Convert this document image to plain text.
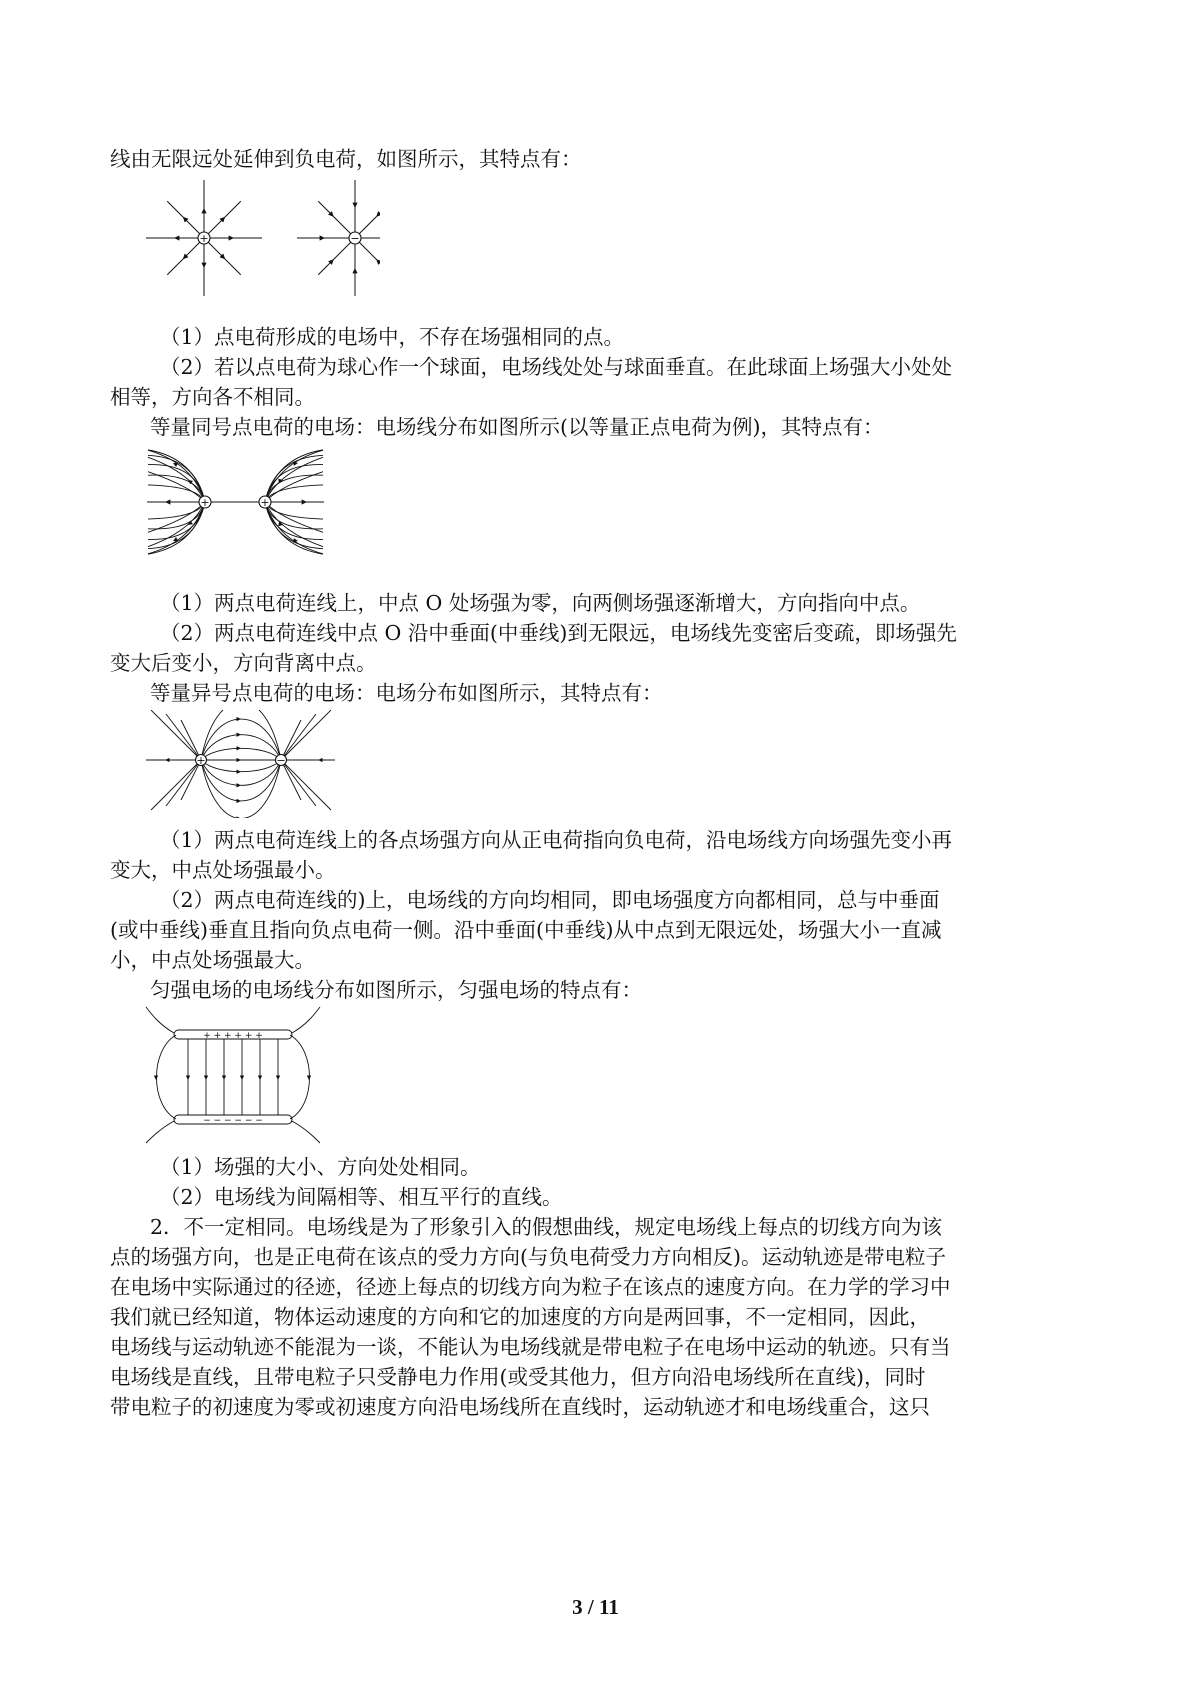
线由无限远处延伸到负电荷，如图所示，其特点有：

+	−

（1）点电荷形成的电场中，不存在场强相同的点。

（2）若以点电荷为球心作一个球面，电场线处处与球面垂直。在此球面上场强大小处处

相等，方向各不相同。

等量同号点电荷的电场：电场线分布如图所示(以等量正点电荷为例)，其特点有：

+	+

（1）两点电荷连线上，中点 O 处场强为零，向两侧场强逐渐增大，方向指向中点。

（2）两点电荷连线中点 O 沿中垂面(中垂线)到无限远，电场线先变密后变疏，即场强先

变大后变小，方向背离中点。

等量异号点电荷的电场：电场分布如图所示，其特点有：

+	−

（1）两点电荷连线上的各点场强方向从正电荷指向负电荷，沿电场线方向场强先变小再

变大，中点处场强最小。

（2）两点电荷连线的)上，电场线的方向均相同，即电场强度方向都相同，总与中垂面

(或中垂线)垂直且指向负点电荷一侧。沿中垂面(中垂线)从中点到无限远处，场强大小一直减

小，中点处场强最大。

匀强电场的电场线分布如图所示，匀强电场的特点有：

+ + + + + +
− − − − − −

（1）场强的大小、方向处处相同。

（2）电场线为间隔相等、相互平行的直线。

2．不一定相同。电场线是为了形象引入的假想曲线，规定电场线上每点的切线方向为该

点的场强方向，也是正电荷在该点的受力方向(与负电荷受力方向相反)。运动轨迹是带电粒子

在电场中实际通过的径迹，径迹上每点的切线方向为粒子在该点的速度方向。在力学的学习中

我们就已经知道，物体运动速度的方向和它的加速度的方向是两回事，不一定相同，因此，

电场线与运动轨迹不能混为一谈，不能认为电场线就是带电粒子在电场中运动的轨迹。只有当

电场线是直线，且带电粒子只受静电力作用(或受其他力，但方向沿电场线所在直线)，同时

带电粒子的初速度为零或初速度方向沿电场线所在直线时，运动轨迹才和电场线重合，这只

3 / 11
